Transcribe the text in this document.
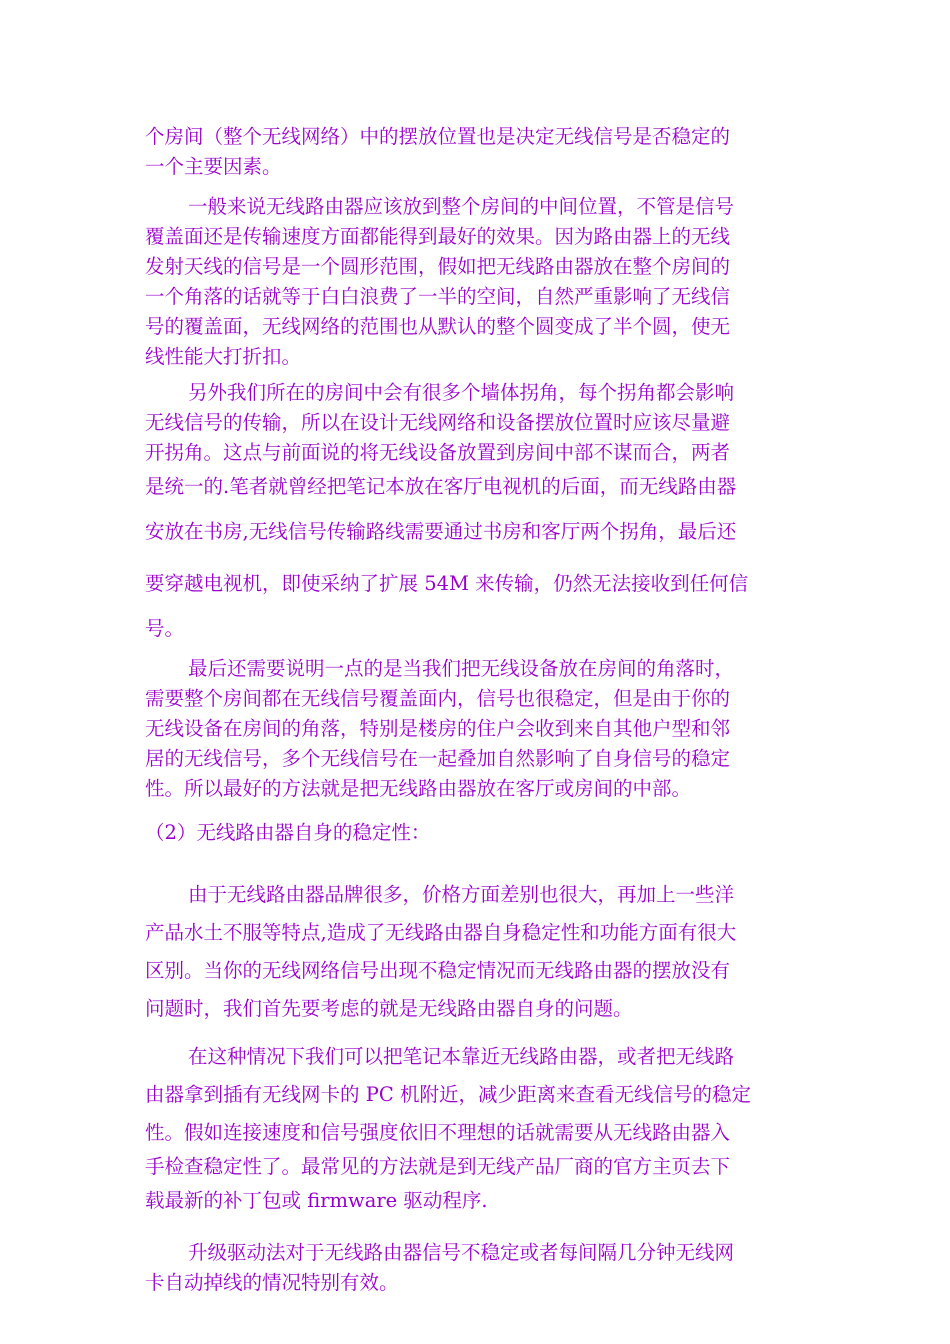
个房间（整个无线网络）中的摆放位置也是决定无线信号是否稳定的
一个主要因素。
一般来说无线路由器应该放到整个房间的中间位置，不管是信号
覆盖面还是传输速度方面都能得到最好的效果。因为路由器上的无线
发射天线的信号是一个圆形范围，假如把无线路由器放在整个房间的
一个角落的话就等于白白浪费了一半的空间，自然严重影响了无线信
号的覆盖面，无线网络的范围也从默认的整个圆变成了半个圆，使无
线性能大打折扣。
另外我们所在的房间中会有很多个墙体拐角，每个拐角都会影响
无线信号的传输，所以在设计无线网络和设备摆放位置时应该尽量避
开拐角。这点与前面说的将无线设备放置到房间中部不谋而合，两者
是统一的.笔者就曾经把笔记本放在客厅电视机的后面，而无线路由器
安放在书房,无线信号传输路线需要通过书房和客厅两个拐角，最后还
要穿越电视机，即使采纳了扩展 54M 来传输，仍然无法接收到任何信
号。
最后还需要说明一点的是当我们把无线设备放在房间的角落时，
需要整个房间都在无线信号覆盖面内，信号也很稳定，但是由于你的
无线设备在房间的角落，特别是楼房的住户会收到来自其他户型和邻
居的无线信号，多个无线信号在一起叠加自然影响了自身信号的稳定
性。所以最好的方法就是把无线路由器放在客厅或房间的中部。
（2）无线路由器自身的稳定性：
由于无线路由器品牌很多，价格方面差别也很大，再加上一些洋
产品水土不服等特点,造成了无线路由器自身稳定性和功能方面有很大
区别。当你的无线网络信号出现不稳定情况而无线路由器的摆放没有
问题时，我们首先要考虑的就是无线路由器自身的问题。
在这种情况下我们可以把笔记本靠近无线路由器，或者把无线路
由器拿到插有无线网卡的 PC 机附近，减少距离来查看无线信号的稳定
性。假如连接速度和信号强度依旧不理想的话就需要从无线路由器入
手检查稳定性了。最常见的方法就是到无线产品厂商的官方主页去下
载最新的补丁包或 firmware 驱动程序.
升级驱动法对于无线路由器信号不稳定或者每间隔几分钟无线网
卡自动掉线的情况特别有效。
